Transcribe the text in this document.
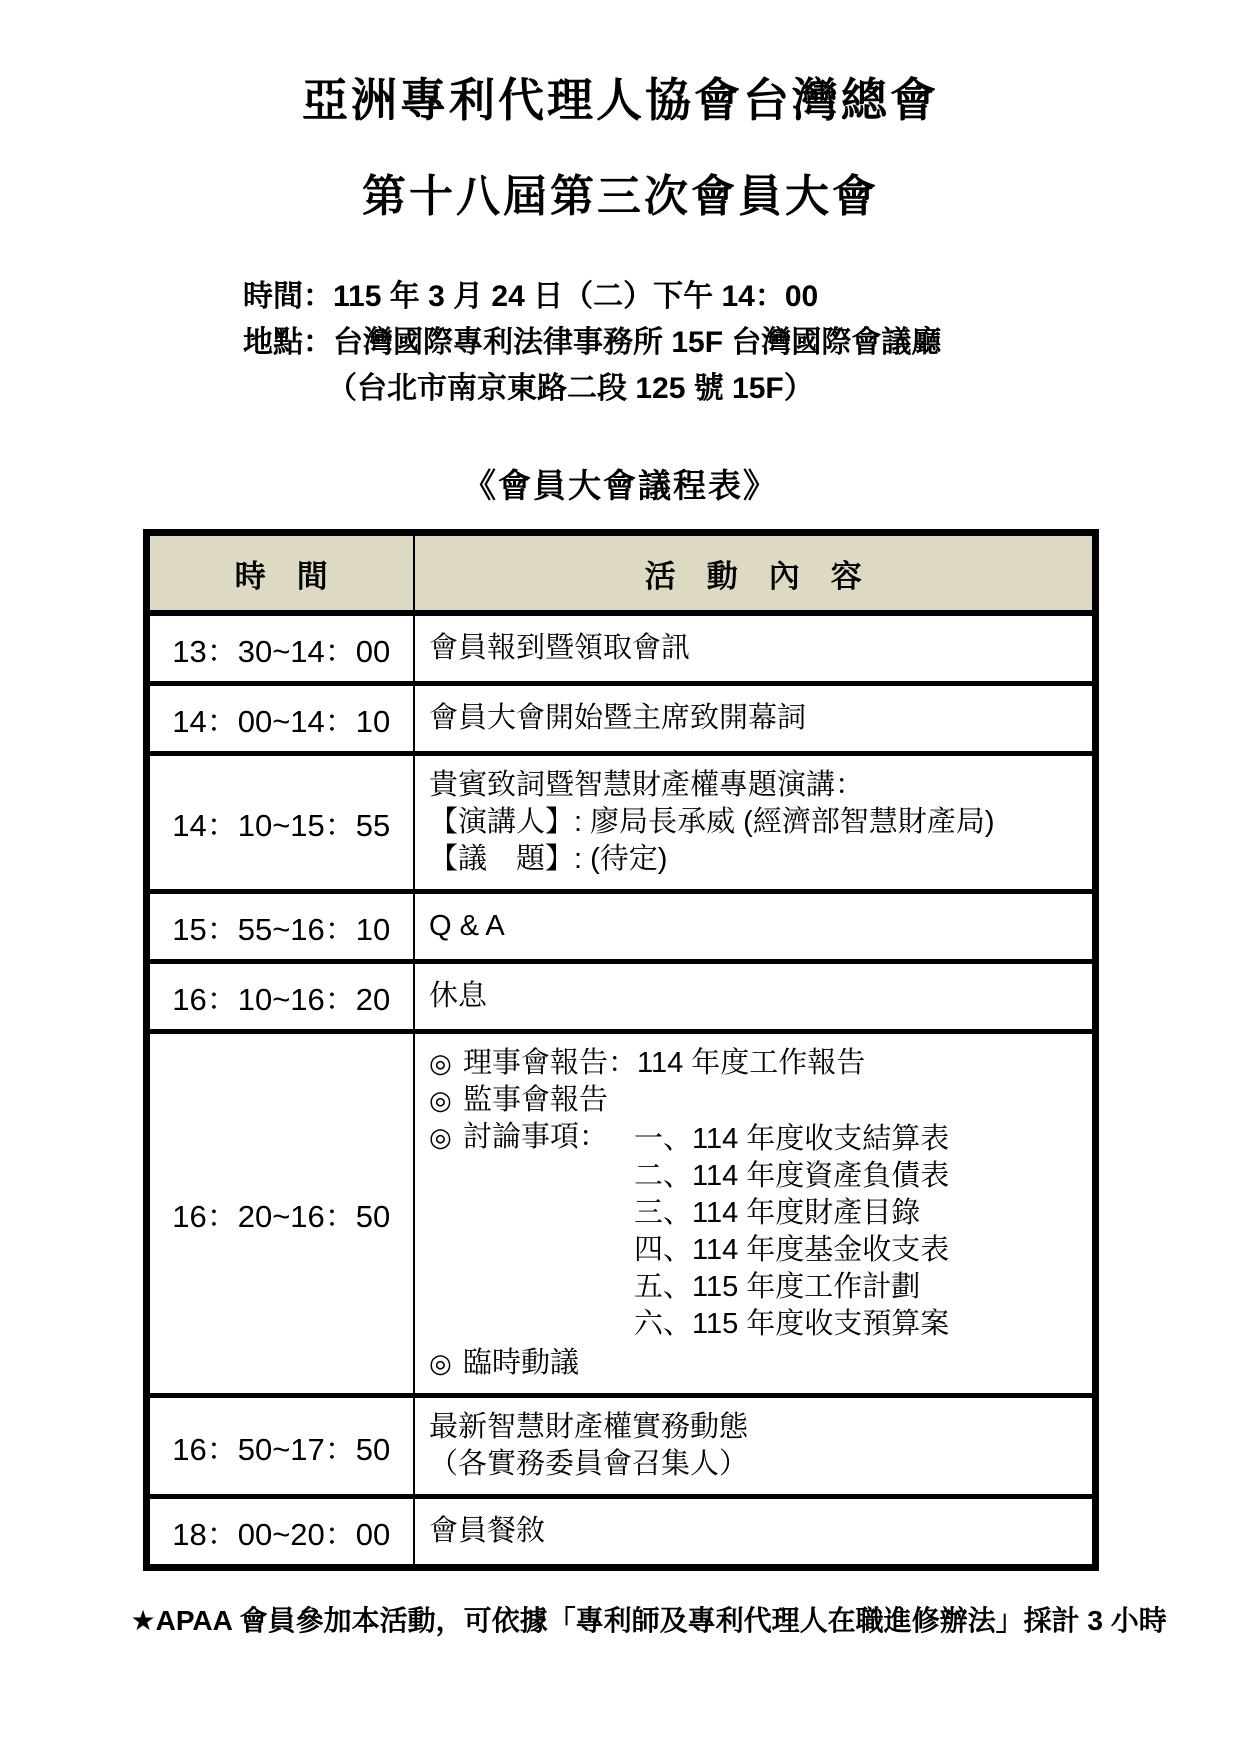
亞洲專利代理人協會台灣總會
第十八屆第三次會員大會
時間：115 年 3 月 24 日（二）下午 14：00
地點：台灣國際專利法律事務所 15F 台灣國際會議廳
（台北市南京東路二段 125 號 15F）
《會員大會議程表》
時　間	活　動　內　容
13：30~14：00	會員報到暨領取會訊

14：00~14：10	會員大會開始暨主席致開幕詞

14：10~15：55	貴賓致詞暨智慧財產權專題演講：
【演講人】: 廖局長承威 (經濟部智慧財產局)
【議　題】: (待定)

15：55~16：10	Q & A

16：10~16：20	休息

16：20~16：50	
◎ 理事會報告：114 年度工作報告
◎ 監事會報告
◎ 討論事項： 一、114 年度收支結算表
二、114 年度資產負債表
三、114 年度財產目錄
四、114 年度基金收支表
五、115 年度工作計劃
六、115 年度收支預算案
◎ 臨時動議

16：50~17：50	最新智慧財產權實務動態
（各實務委員會召集人）

18：00~20：00	會員餐敘
★APAA 會員參加本活動，可依據「專利師及專利代理人在職進修辦法」採計 3 小時
